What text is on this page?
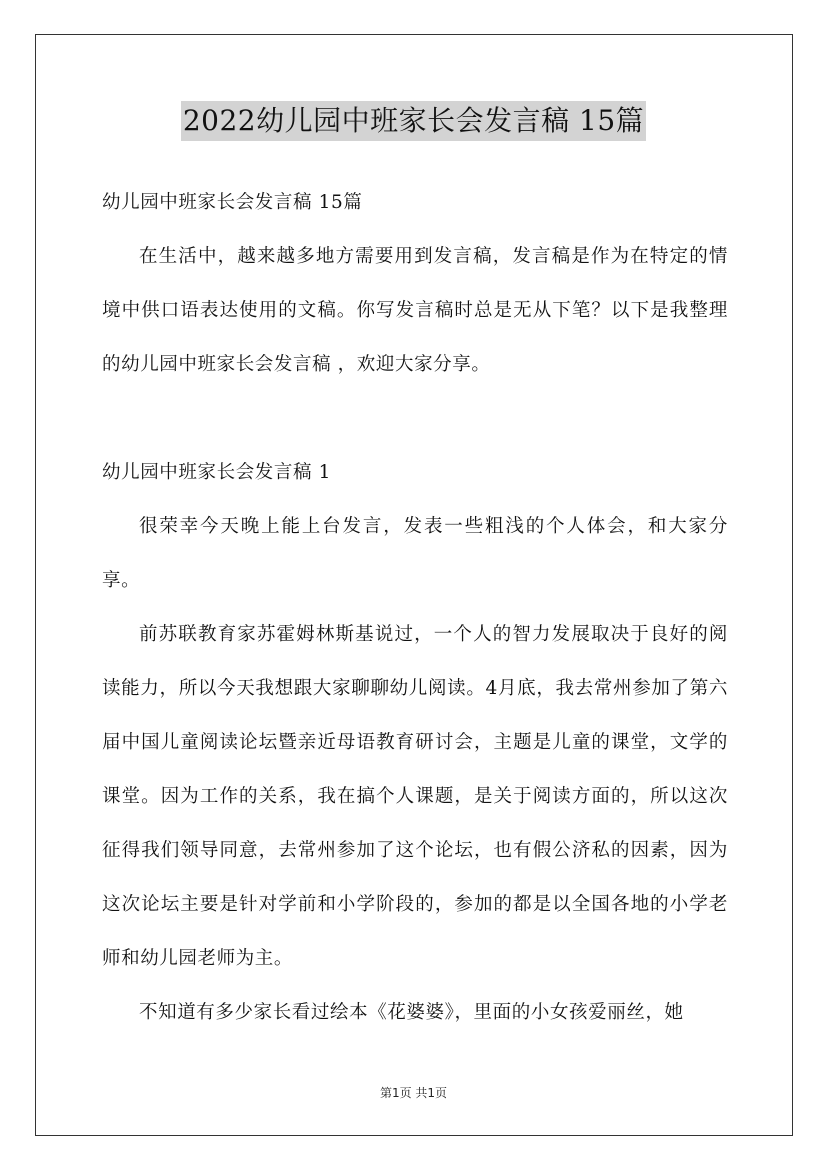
2022幼儿园中班家长会发言稿 15篇

幼儿园中班家长会发言稿 15篇

在生活中，越来越多地方需要用到发言稿，发言稿是作为在特定的情境中供口语表达使用的文稿。你写发言稿时总是无从下笔？以下是我整理的幼儿园中班家长会发言稿 ，欢迎大家分享。

幼儿园中班家长会发言稿 1

很荣幸今天晚上能上台发言，发表一些粗浅的个人体会，和大家分享。

前苏联教育家苏霍姆林斯基说过，一个人的智力发展取决于良好的阅读能力，所以今天我想跟大家聊聊幼儿阅读。4月底，我去常州参加了第六届中国儿童阅读论坛暨亲近母语教育研讨会，主题是儿童的课堂，文学的课堂。因为工作的关系，我在搞个人课题，是关于阅读方面的，所以这次征得我们领导同意，去常州参加了这个论坛，也有假公济私的因素，因为这次论坛主要是针对学前和小学阶段的，参加的都是以全国各地的小学老师和幼儿园老师为主。

不知道有多少家长看过绘本《花婆婆》，里面的小女孩爱丽丝，她

第1页 共1页
